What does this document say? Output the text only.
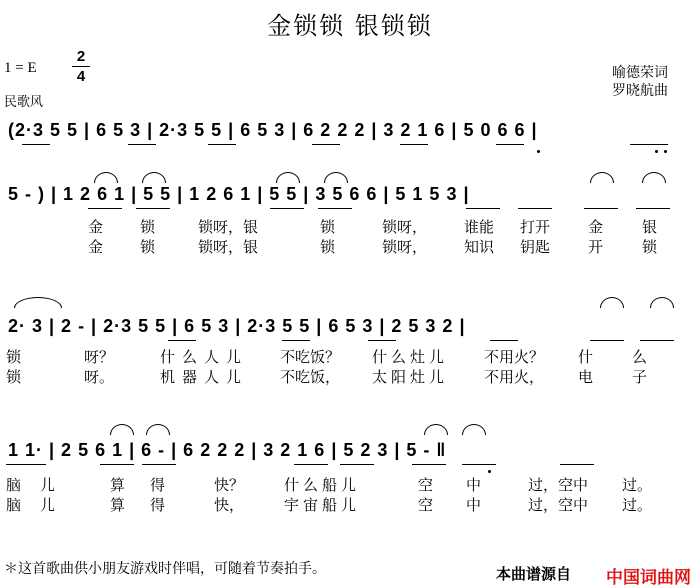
金锁锁 银锁锁
1 = E
2
4
民歌风
喻德荣词
罗晓航曲
(2·3 5 5 | 6 5 3 | 2·3 5 5 | 6 5 3 | 6 2 2 2 | 3 2 1 6 | 5 0 6 6 |
5 - ) | 1 2 6 1 | 5 5 | 1 2 6 1 | 5 5 | 3 5 6 6 | 5 1 5 3 |
金 锁	锁呀，银	锁	锁呀， 谁能 打开	金	银
金 锁	锁呀，银	锁	锁呀， 知识 钥匙	开	锁
2· 3 | 2 - | 2·3 5 5 | 6 5 3 | 2·3 5 5 | 6 5 3 | 2 5 3 2 |
锁	呀？	什么人儿 不吃饭？ 什么灶儿 不用火？ 什	么
锁	呀。	机器人儿 不吃饭， 太阳灶儿 不用火， 电	子
1 1· | 2 5 6 1 | 6 - | 6 2 2 2 | 3 2 1 6 | 5 2 3 | 5 - ‖
脑 儿	算 得	快？	什么船儿	空 中	过，空中 过。
脑 儿	算 得	快，	宇宙船儿	空 中	过，空中 过。
＊这首歌曲供小朋友游戏时伴唱，可随着节奏拍手。	本曲谱源自 中国词曲网
